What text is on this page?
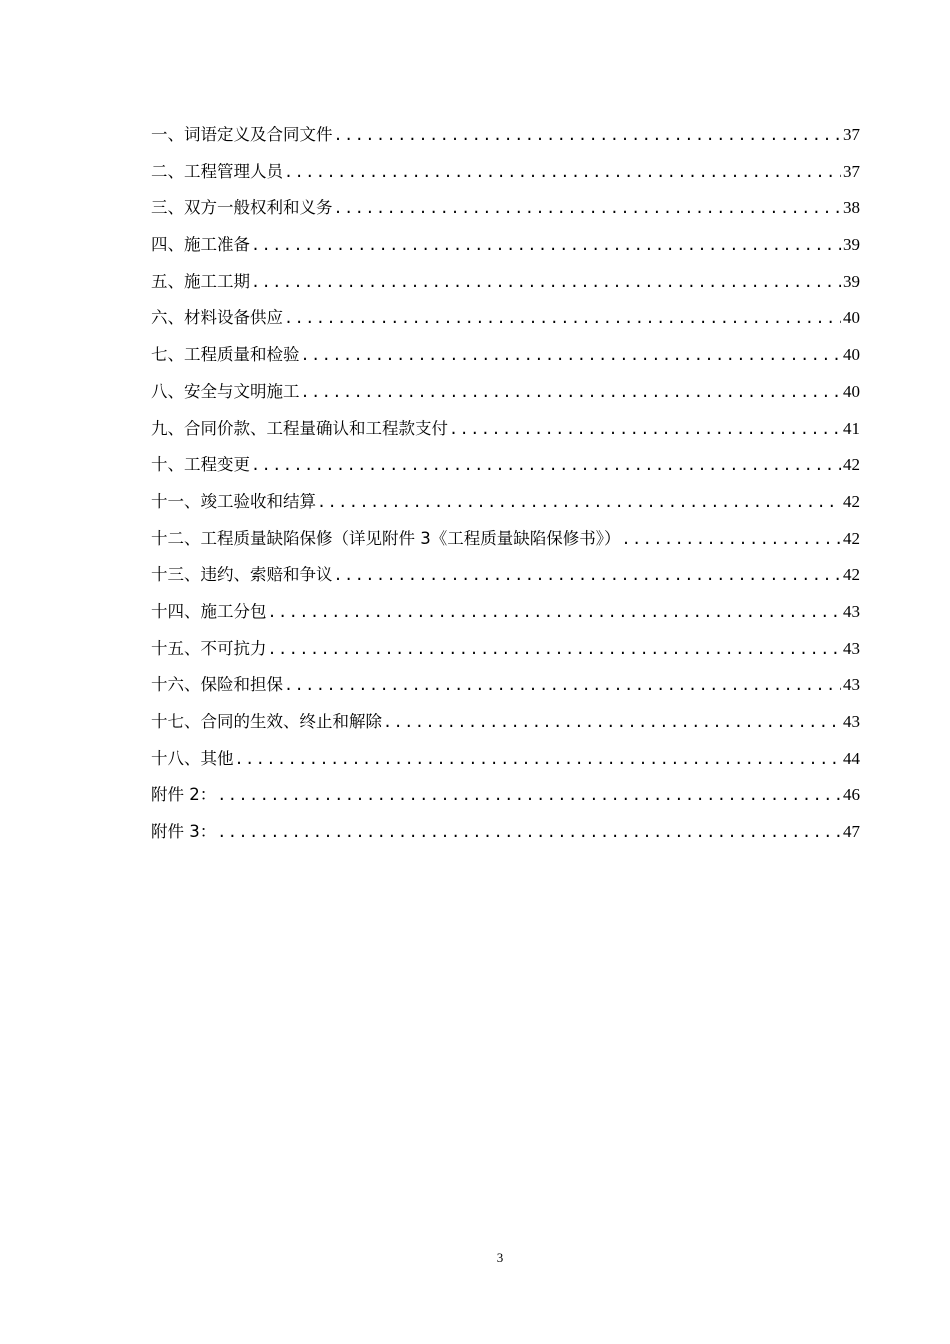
一、词语定义及合同文件 .....	37
二、工程管理人员 .....	37
三、双方一般权利和义务 .....	38
四、施工准备 .....	39
五、施工工期 .....	39
六、材料设备供应 .....	40
七、工程质量和检验 .....	40
八、安全与文明施工 .....	40
九、合同价款、工程量确认和工程款支付 .....	41
十、工程变更 .....	42
十一、竣工验收和结算 .....	42
十二、工程质量缺陷保修（详见附件 3《工程质量缺陷保修书》） .....	42
十三、违约、索赔和争议 .....	42
十四、施工分包 .....	43
十五、不可抗力 .....	43
十六、保险和担保 .....	43
十七、合同的生效、终止和解除 .....	43
十八、其他 .....	44
附件 2： .....	46
附件 3： .....	47
3
